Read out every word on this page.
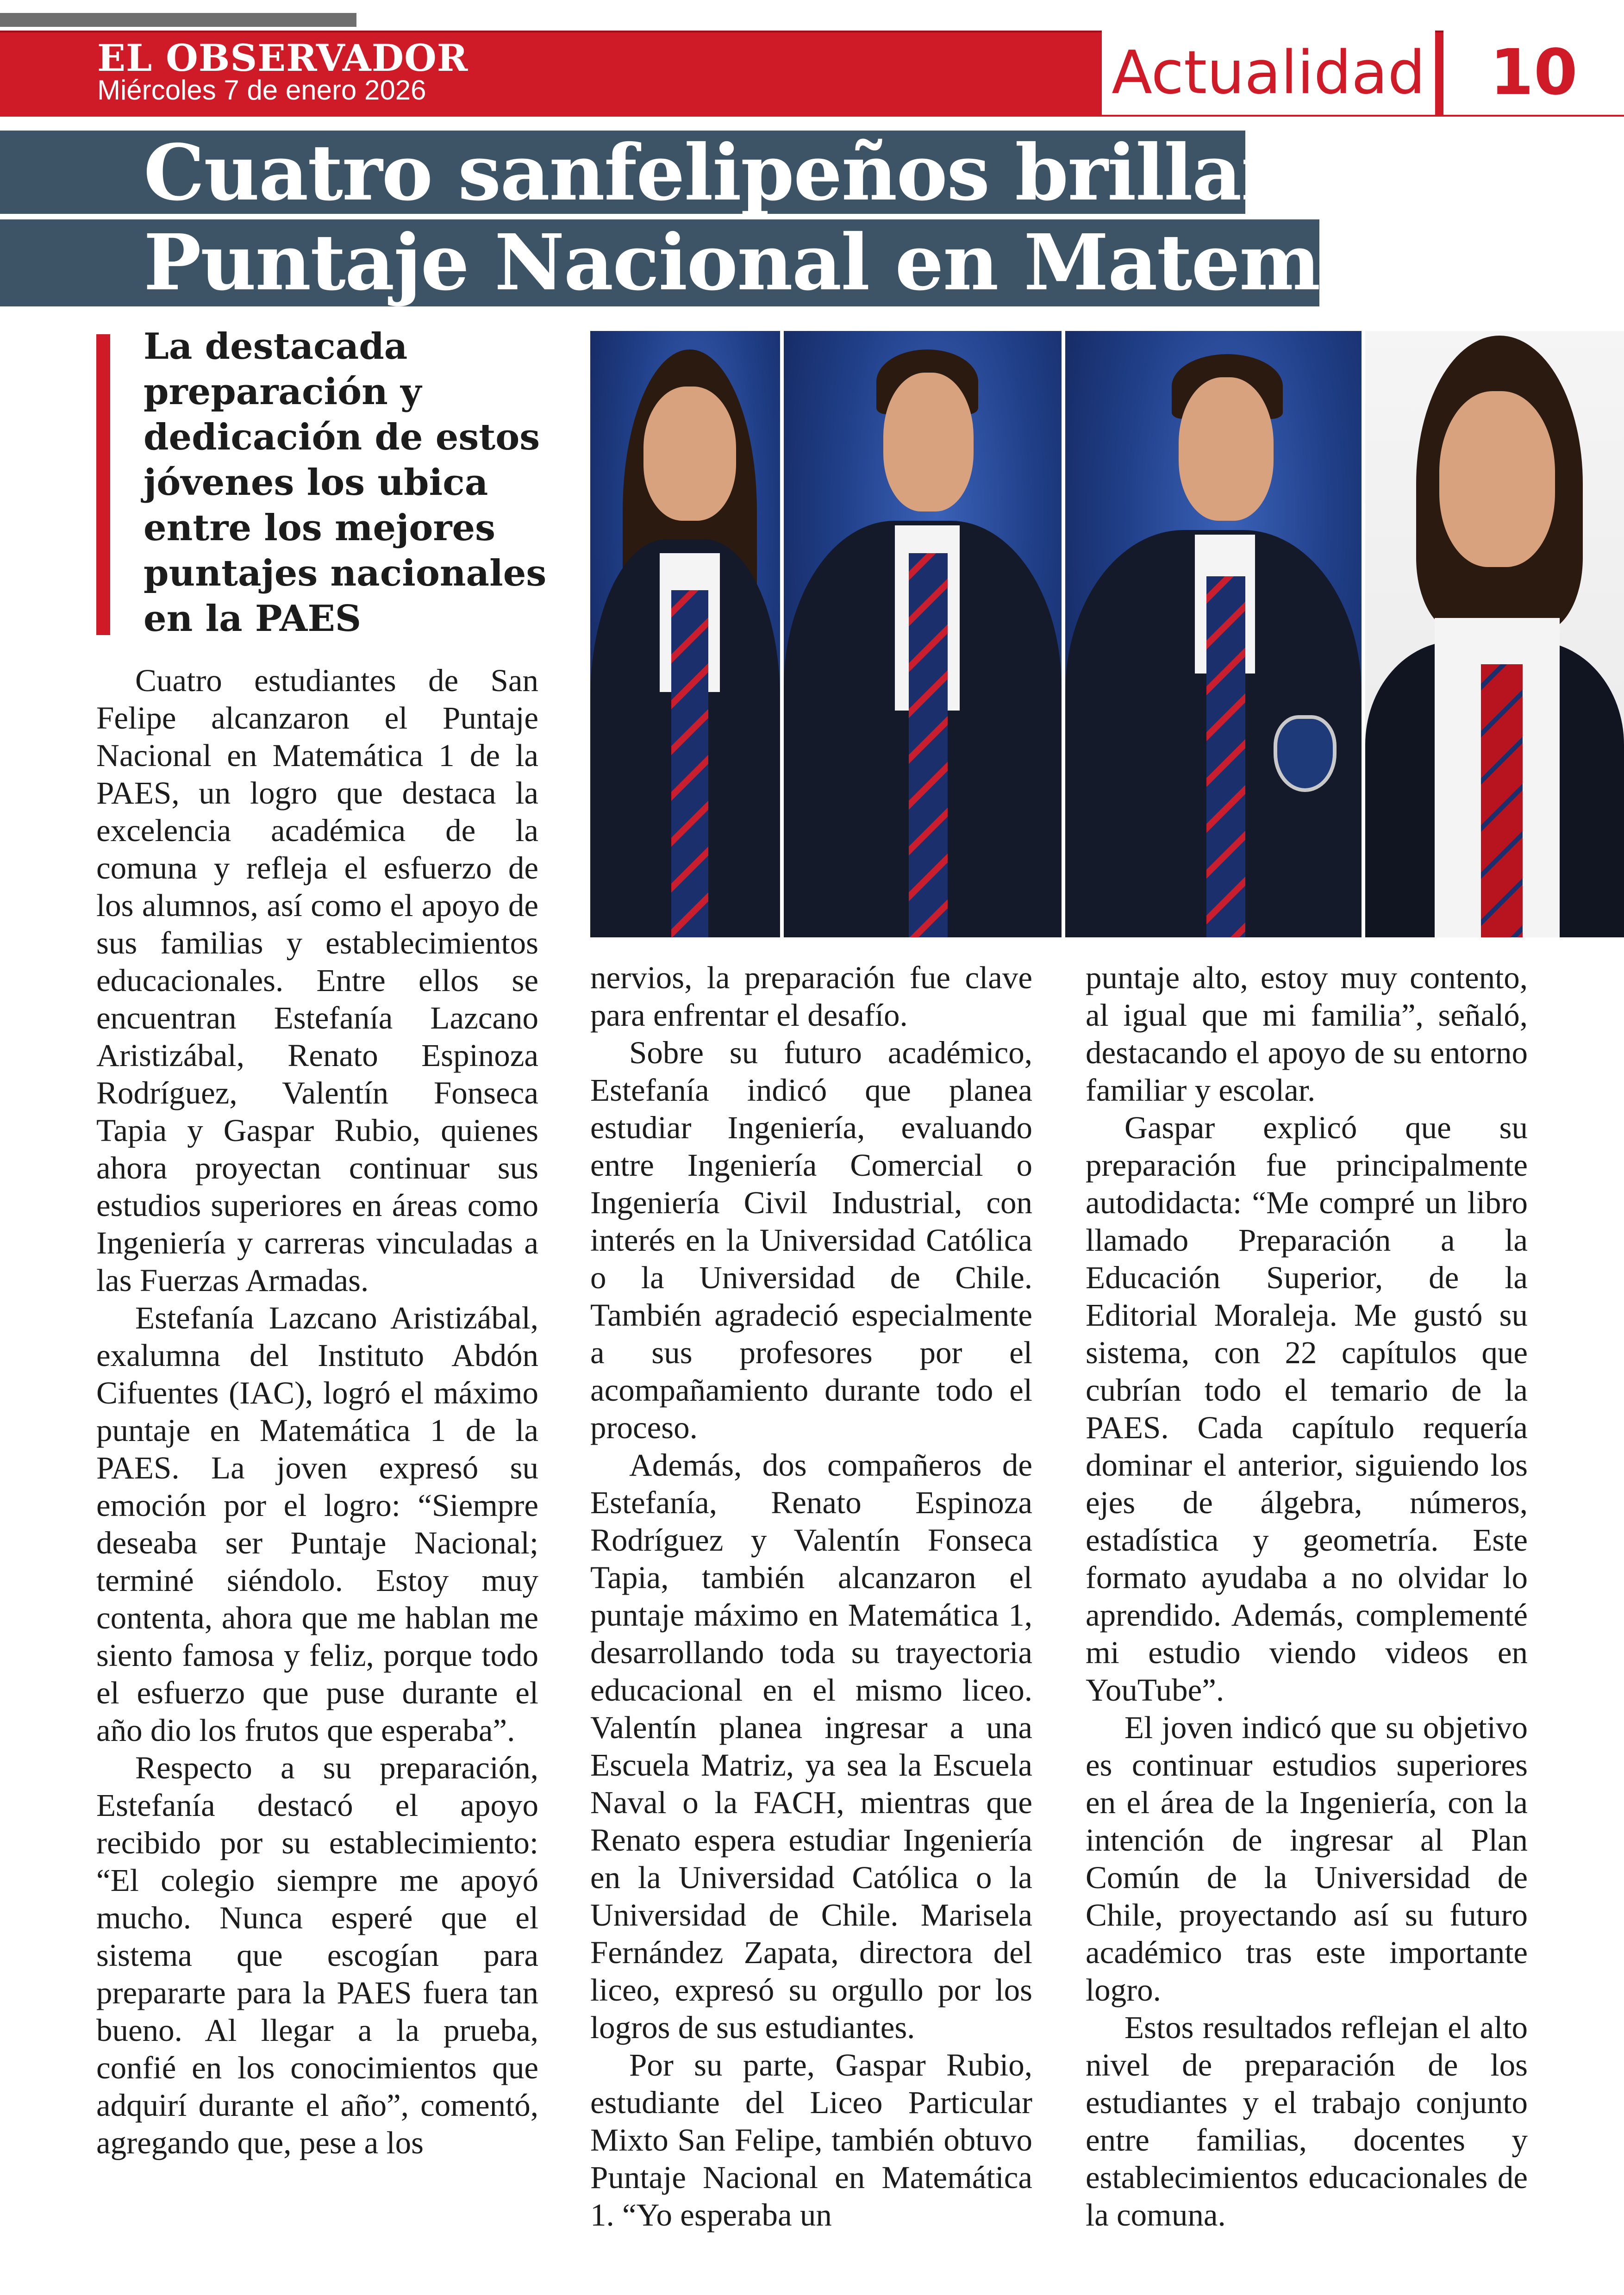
EL OBSERVADOR
Miércoles 7 de enero 2026	Actualidad	10
Cuatro sanfelipeños brillan con
Puntaje Nacional en Matemática 1
La destacada preparación y dedicación de estos jóvenes los ubica entre los mejores puntajes nacionales en la PAES

Cuatro estudiantes de San Felipe alcanzaron el Puntaje Nacional en Matemática 1 de la PAES, un logro que destaca la excelencia académica de la comuna y refleja el esfuerzo de los alumnos, así como el apoyo de sus familias y establecimientos educacionales. Entre ellos se encuentran Estefanía Lazcano Aristizábal, Renato Espinoza Rodríguez, Valentín Fonseca Tapia y Gaspar Rubio, quienes ahora proyectan continuar sus estudios superiores en áreas como Ingeniería y carreras vinculadas a las Fuerzas Armadas.

Estefanía Lazcano Aristizábal, exalumna del Instituto Abdón Cifuentes (IAC), logró el máximo puntaje en Matemática 1 de la PAES. La joven expresó su emoción por el logro: “Siempre deseaba ser Puntaje Nacional; terminé siéndolo. Estoy muy contenta, ahora que me hablan me siento famosa y feliz, porque todo el esfuerzo que puse durante el año dio los frutos que esperaba”.

Respecto a su preparación, Estefanía destacó el apoyo recibido por su establecimiento: “El colegio siempre me apoyó mucho. Nunca esperé que el sistema que escogían para prepararte para la PAES fuera tan bueno. Al llegar a la prueba, confié en los conocimientos que adquirí durante el año”, comentó, agregando que, pese a los

nervios, la preparación fue clave para enfrentar el desafío.

Sobre su futuro académico, Estefanía indicó que planea estudiar Ingeniería, evaluando entre Ingeniería Comercial o Ingeniería Civil Industrial, con interés en la Universidad Católica o la Universidad de Chile. También agradeció especialmente a sus profesores por el acompañamiento durante todo el proceso.

Además, dos compañeros de Estefanía, Renato Espinoza Rodríguez y Valentín Fonseca Tapia, también alcanzaron el puntaje máximo en Matemática 1, desarrollando toda su trayectoria educacional en el mismo liceo. Valentín planea ingresar a una Escuela Matriz, ya sea la Escuela Naval o la FACH, mientras que Renato espera estudiar Ingeniería en la Universidad Católica o la Universidad de Chile. Marisela Fernández Zapata, directora del liceo, expresó su orgullo por los logros de sus estudiantes.

Por su parte, Gaspar Rubio, estudiante del Liceo Particular Mixto San Felipe, también obtuvo Puntaje Nacional en Matemática 1. “Yo esperaba un

puntaje alto, estoy muy contento, al igual que mi familia”, señaló, destacando el apoyo de su entorno familiar y escolar.

Gaspar explicó que su preparación fue principalmente autodidacta: “Me compré un libro llamado Preparación a la Educación Superior, de la Editorial Moraleja. Me gustó su sistema, con 22 capítulos que cubrían todo el temario de la PAES. Cada capítulo requería dominar el anterior, siguiendo los ejes de álgebra, números, estadística y geometría. Este formato ayudaba a no olvidar lo aprendido. Además, complementé mi estudio viendo videos en YouTube”.

El joven indicó que su objetivo es continuar estudios superiores en el área de la Ingeniería, con la intención de ingresar al Plan Común de la Universidad de Chile, proyectando así su futuro académico tras este importante logro.

Estos resultados reflejan el alto nivel de preparación de los estudiantes y el trabajo conjunto entre familias, docentes y establecimientos educacionales de la comuna.
